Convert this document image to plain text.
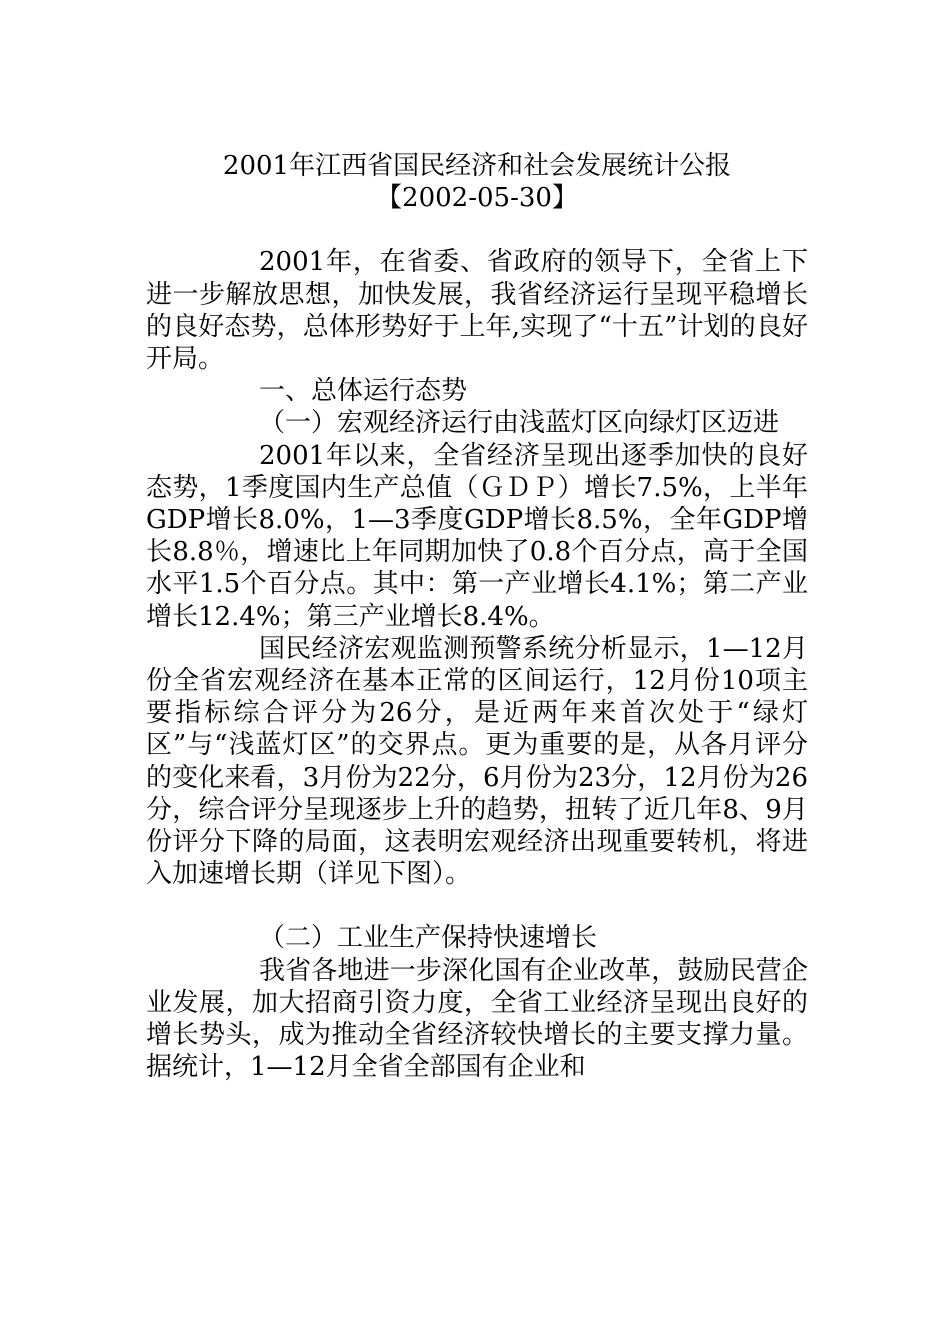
2001年江西省国民经济和社会发展统计公报

【2002-05-30】

2001年，在省委、省政府的领导下，全省上下进一步解放思想，加快发展，我省经济运行呈现平稳增长的良好态势，总体形势好于上年,实现了“十五”计划的良好开局。

一、总体运行态势

（一）宏观经济运行由浅蓝灯区向绿灯区迈进

2001年以来，全省经济呈现出逐季加快的良好态势，1季度国内生产总值（ＧＤＰ）增长7.5%，上半年GDP增长8.0%，1—3季度GDP增长8.5%，全年GDP增长8.8％，增速比上年同期加快了0.8个百分点，高于全国水平1.5个百分点。其中：第一产业增长4.1%；第二产业增长12.4%；第三产业增长8.4%。

国民经济宏观监测预警系统分析显示，1—12月份全省宏观经济在基本正常的区间运行，12月份10项主要指标综合评分为26分，是近两年来首次处于“绿灯区”与“浅蓝灯区”的交界点。更为重要的是，从各月评分的变化来看，3月份为22分，6月份为23分，12月份为26分，综合评分呈现逐步上升的趋势，扭转了近几年8、9月份评分下降的局面，这表明宏观经济出现重要转机，将进入加速增长期（详见下图）。

（二）工业生产保持快速增长

我省各地进一步深化国有企业改革，鼓励民营企业发展，加大招商引资力度，全省工业经济呈现出良好的增长势头，成为推动全省经济较快增长的主要支撑力量。据统计，1—12月全省全部国有企业和
